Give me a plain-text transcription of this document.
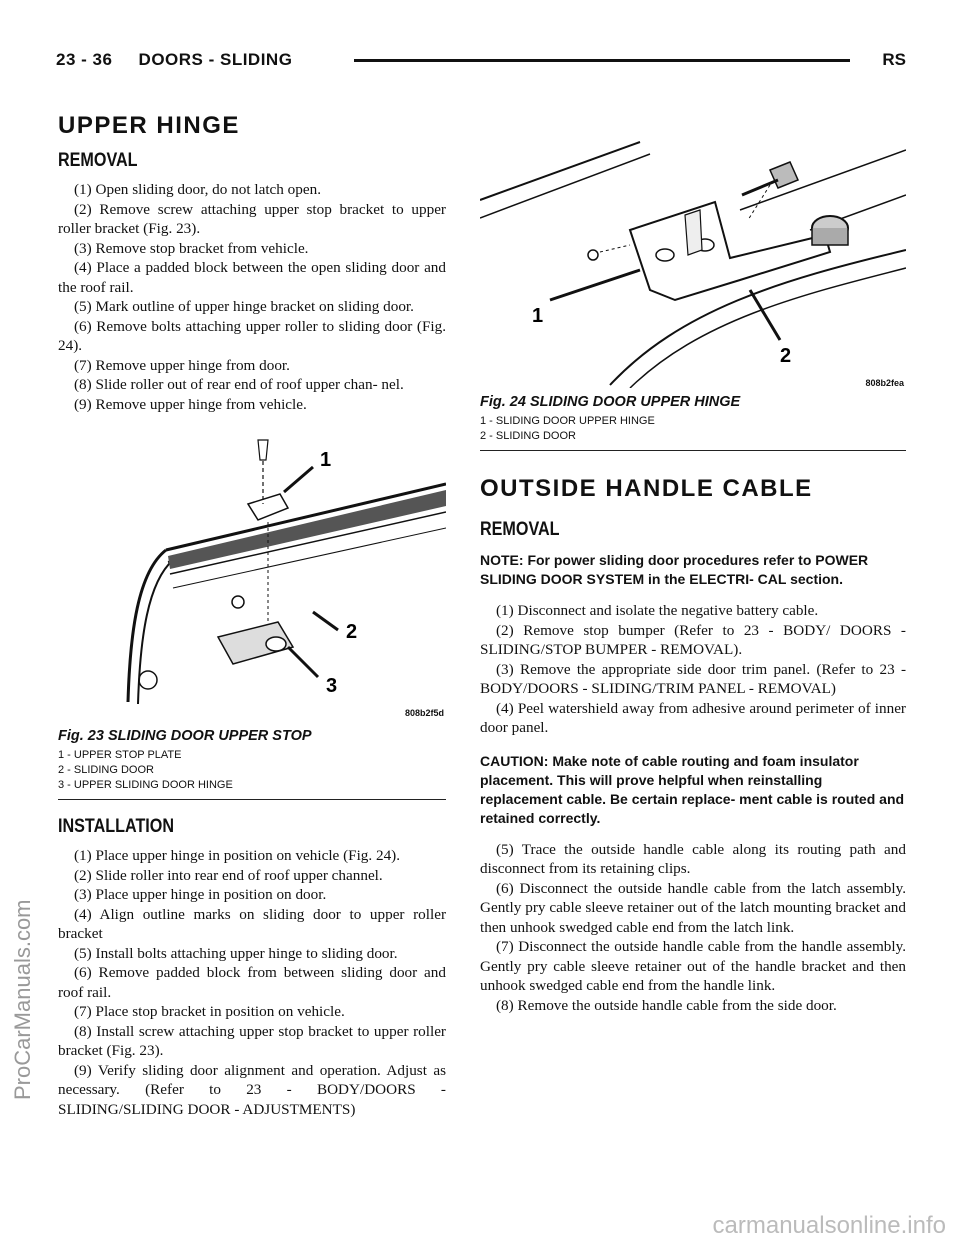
23 - 36     DOORS - SLIDING	RS
UPPER HINGE
REMOVAL

(1) Open sliding door, do not latch open.

(2) Remove screw attaching upper stop bracket to upper roller bracket (Fig. 23).

(3) Remove stop bracket from vehicle.

(4) Place a padded block between the open sliding door and the roof rail.

(5) Mark outline of upper hinge bracket on sliding door.

(6) Remove bolts attaching upper roller to sliding door (Fig. 24).

(7) Remove upper hinge from door.

(8) Slide roller out of rear end of roof upper chan- nel.

(9) Remove upper hinge from vehicle.

1
2
3
808b2f5d
Fig. 23 SLIDING DOOR UPPER STOP
1 - UPPER STOP PLATE
2 - SLIDING DOOR
3 - UPPER SLIDING DOOR HINGE
INSTALLATION

(1) Place upper hinge in position on vehicle (Fig. 24).

(2) Slide roller into rear end of roof upper channel.

(3) Place upper hinge in position on door.

(4) Align outline marks on sliding door to upper roller bracket

(5) Install bolts attaching upper hinge to sliding door.

(6) Remove padded block from between sliding door and roof rail.

(7) Place stop bracket in position on vehicle.

(8) Install screw attaching upper stop bracket to upper roller bracket (Fig. 23).

(9) Verify sliding door alignment and operation. Adjust as necessary. (Refer to 23 - BODY/DOORS - SLIDING/SLIDING DOOR - ADJUSTMENTS)

1
2
808b2fea
Fig. 24 SLIDING DOOR UPPER HINGE
1 - SLIDING DOOR UPPER HINGE
2 - SLIDING DOOR
OUTSIDE HANDLE CABLE
REMOVAL

NOTE: For power sliding door procedures refer to POWER SLIDING DOOR SYSTEM in the ELECTRI- CAL section.

(1) Disconnect and isolate the negative battery cable.

(2) Remove stop bumper (Refer to 23 - BODY/ DOORS - SLIDING/STOP BUMPER - REMOVAL).

(3) Remove the appropriate side door trim panel. (Refer to 23 - BODY/DOORS - SLIDING/TRIM PANEL - REMOVAL)

(4) Peel watershield away from adhesive around perimeter of inner door panel.

CAUTION: Make note of cable routing and foam insulator placement. This will prove helpful when reinstalling replacement cable. Be certain replace- ment cable is routed and retained correctly.

(5) Trace the outside handle cable along its routing path and disconnect from its retaining clips.

(6) Disconnect the outside handle cable from the latch assembly. Gently pry cable sleeve retainer out of the latch mounting bracket and then unhook swedged cable end from the latch link.

(7) Disconnect the outside handle cable from the handle assembly. Gently pry cable sleeve retainer out of the handle bracket and then unhook swedged cable end from the handle link.

(8) Remove the outside handle cable from the side door.

ProCarManuals.com
carmanualsonline.info
